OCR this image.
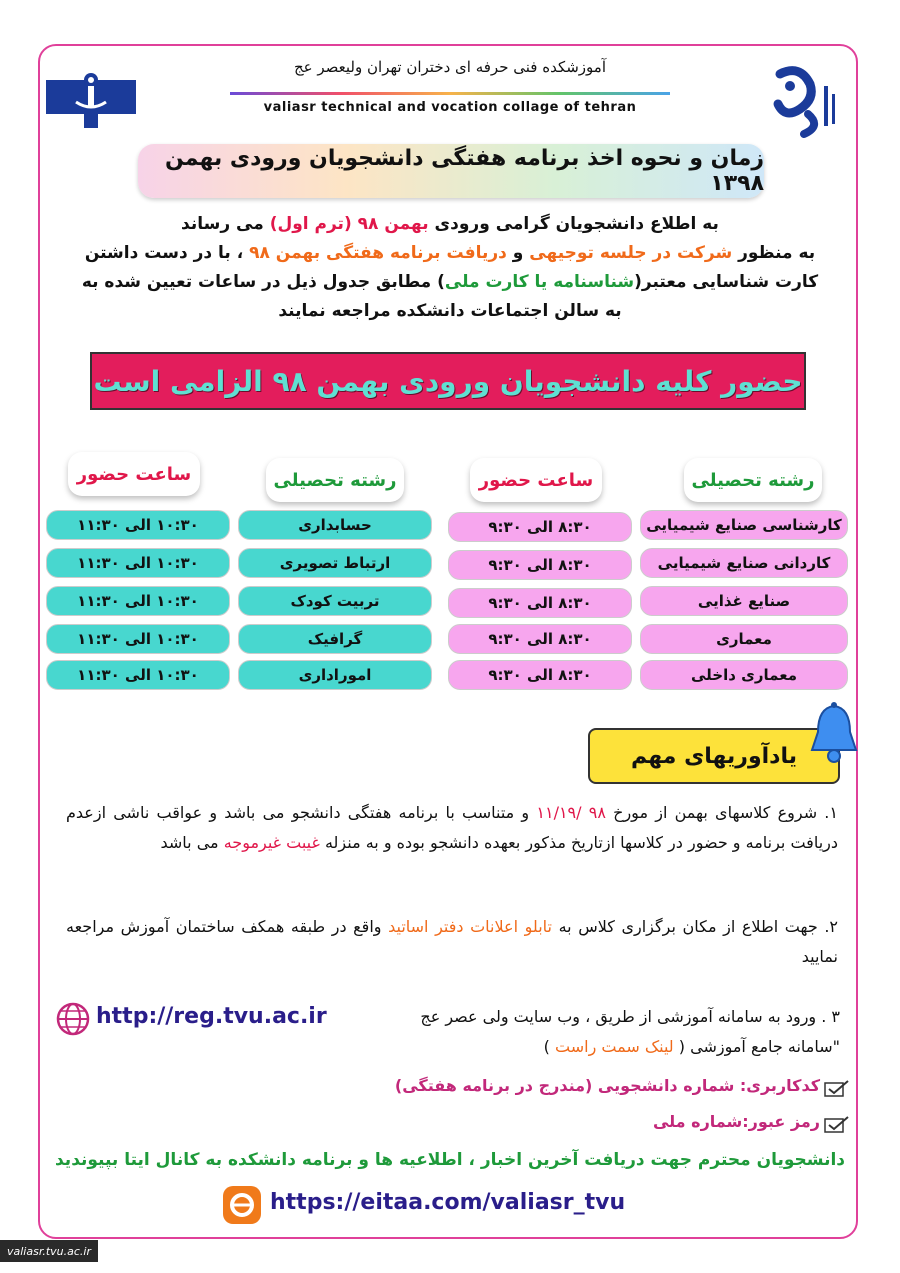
آموزشکده فنی حرفه ای دختران تهران ولیعصر عج
valiasr technical and vocation collage of tehran
زمان و نحوه اخذ برنامه هفتگی دانشجویان ورودی بهمن ۱۳۹۸

به اطلاع دانشجویان گرامی ورودی بهمن ۹۸ (ترم اول) می رساند

به منظور شرکت در جلسه توجیهی و دریافت برنامه هفتگی بهمن ۹۸ ، با در دست داشتن

کارت شناسایی معتبر(شناسنامه یا کارت ملی) مطابق جدول ذیل در ساعات تعیین شده به

به سالن اجتماعات دانشکده مراجعه نمایند

حضور کلیه دانشجویان ورودی بهمن ۹۸ الزامی است
رشته تحصیلی
ساعت حضور
رشته تحصیلی
ساعت حضور
کارشناسی صنایع شیمیایی
کاردانی صنایع شیمیایی
صنایع غذایی
معماری
معماری داخلی
۸:۳۰ الی ۹:۳۰
۸:۳۰ الی ۹:۳۰
۸:۳۰ الی ۹:۳۰
۸:۳۰ الی ۹:۳۰
۸:۳۰ الی ۹:۳۰
حسابداری
ارتباط تصویری
تربیت کودک
گرافیک
اموراداری
۱۰:۳۰ الی ۱۱:۳۰
۱۰:۳۰ الی ۱۱:۳۰
۱۰:۳۰ الی ۱۱:۳۰
۱۰:۳۰ الی ۱۱:۳۰
۱۰:۳۰ الی ۱۱:۳۰
یادآوریهای مهم
۱. شروع کلاسهای بهمن از مورخ ۹۸ /۱۱/۱۹ و متناسب با برنامه هفتگی دانشجو می باشد و عواقب ناشی ازعدم دریافت برنامه و حضور در کلاسها ازتاریخ مذکور بعهده دانشجو بوده و به منزله غیبت غیرموجه می باشد
۲. جهت اطلاع از مکان برگزاری کلاس به تابلو اعلانات دفتر اساتید واقع در طبقه همکف ساختمان آموزش مراجعه نمایید
۳ . ورود به سامانه آموزشی از طریق ، وب سایت ولی عصر عج
"سامانه جامع آموزشی ( لینک سمت راست )
http://reg.tvu.ac.ir
کدکاربری: شماره دانشجویی (مندرج در برنامه هفتگی)
رمز عبور:شماره ملی
دانشجویان محترم جهت دریافت آخرین اخبار ، اطلاعیه ها و برنامه دانشکده به کانال ایتا بپیوندید
https://eitaa.com/valiasr_tvu
valiasr.tvu.ac.ir
